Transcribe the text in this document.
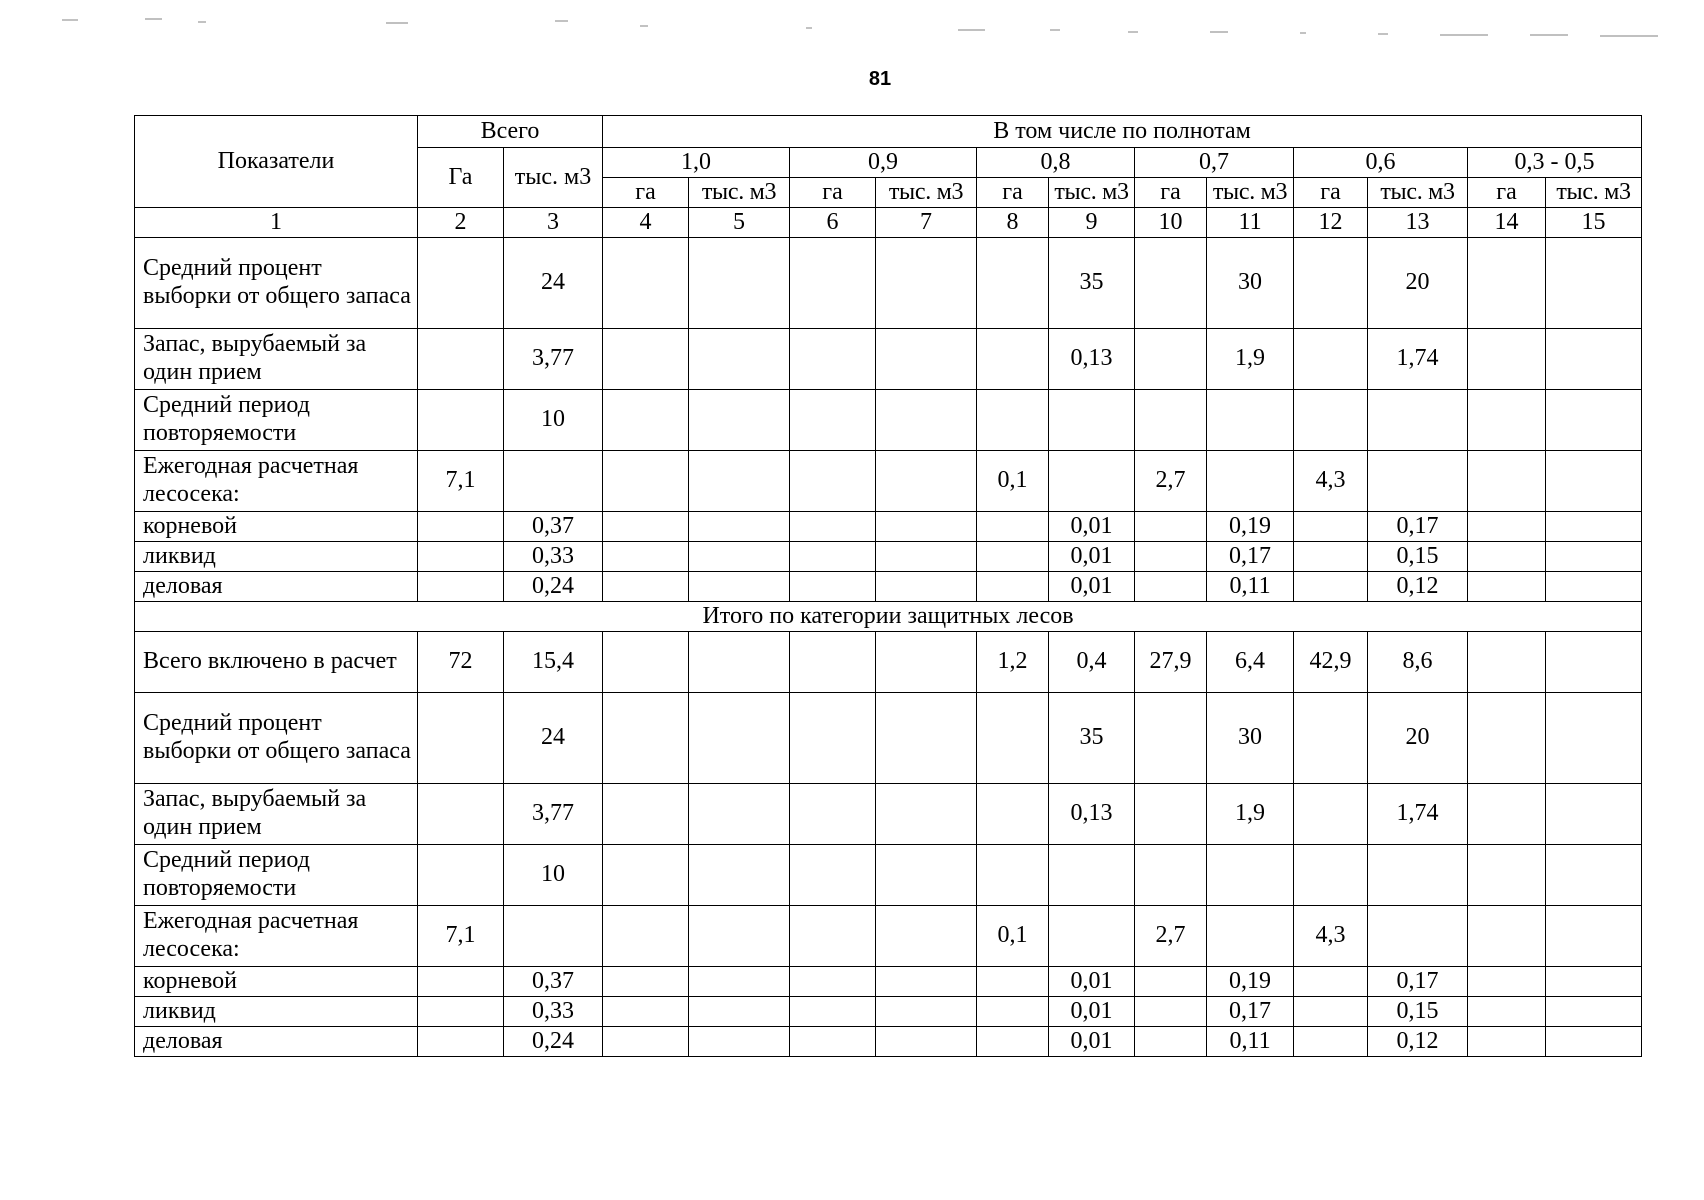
81
Показатели	Всего		В том числе по полнотам											
	Га	тыс. м3	1,0		0,9		0,8		0,7		0,6		0,3 - 0,5	
			га	тыс. м3	га	тыс. м3	га	тыс. м3	га	тыс. м3	га	тыс. м3	га	тыс. м3
1	2	3	4	5	6	7	8	9	10	11	12	13	14	15
Средний процент выборки от общего запаса		24						35		30		20		
Запас, вырубаемый за один прием		3,77						0,13		1,9		1,74		
Средний период повторяемости		10												
Ежегодная расчетная лесосека:	7,1						0,1		2,7		4,3			
корневой		0,37						0,01		0,19		0,17		
ликвид		0,33						0,01		0,17		0,15		
деловая		0,24						0,01		0,11		0,12		
Итого по категории защитных лесов														
Всего включено в расчет	72	15,4					1,2	0,4	27,9	6,4	42,9	8,6		
Средний процент выборки от общего запаса		24						35		30		20		
Запас, вырубаемый за один прием		3,77						0,13		1,9		1,74		
Средний период повторяемости		10												
Ежегодная расчетная лесосека:	7,1						0,1		2,7		4,3			
корневой		0,37						0,01		0,19		0,17		
ликвид		0,33						0,01		0,17		0,15		
деловая		0,24						0,01		0,11		0,12		
